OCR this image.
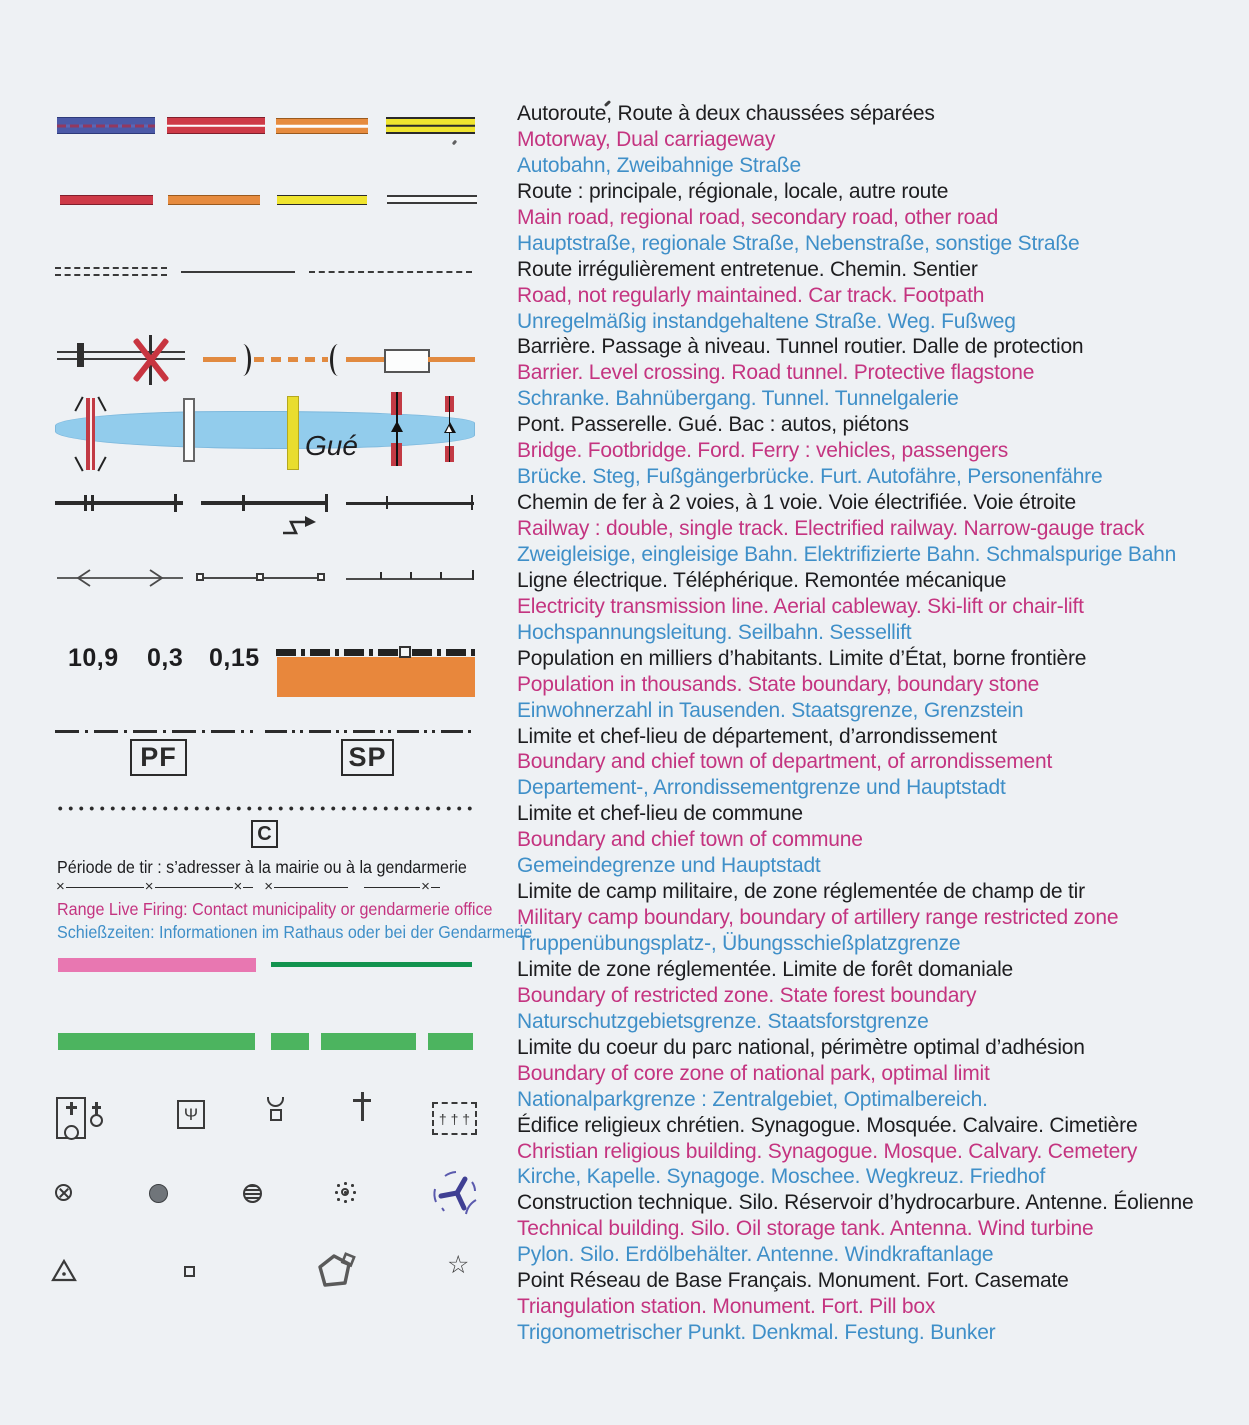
Gué
10,9 0,3 0,15
PF	SP
C
Période de tir : s’adresser à la mairie ou à la gendarmerie
×	×	× ×	×
Range Live Firing: Contact municipality or gendarmerie office
Schießzeiten: Informationen im Rathaus oder bei der Gendarmerie
Ψ	† † †
☆
Autoroute, Route à deux chaussées séparées
Motorway, Dual carriageway
Autobahn, Zweibahnige Straße
Route : principale, régionale, locale, autre route
Main road, regional road, secondary road, other road
Hauptstraße, regionale Straße, Nebenstraße, sonstige Straße
Route irrégulièrement entretenue. Chemin. Sentier
Road, not regularly maintained. Car track. Footpath
Unregelmäßig instandgehaltene Straße. Weg. Fußweg
Barrière. Passage à niveau. Tunnel routier. Dalle de protection
Barrier. Level crossing. Road tunnel. Protective flagstone
Schranke. Bahnübergang. Tunnel. Tunnelgalerie
Pont. Passerelle. Gué. Bac : autos, piétons
Bridge. Footbridge. Ford. Ferry : vehicles, passengers
Brücke. Steg, Fußgängerbrücke. Furt. Autofähre, Personenfähre
Chemin de fer à 2 voies, à 1 voie. Voie électrifiée. Voie étroite
Railway : double, single track. Electrified railway. Narrow-gauge track
Zweigleisige, eingleisige Bahn. Elektrifizierte Bahn. Schmalspurige Bahn
Ligne électrique. Téléphérique. Remontée mécanique
Electricity transmission line. Aerial cableway. Ski-lift or chair-lift
Hochspannungsleitung. Seilbahn. Sessellift
Population en milliers d’habitants. Limite d’État, borne frontière
Population in thousands. State boundary, boundary stone
Einwohnerzahl in Tausenden. Staatsgrenze, Grenzstein
Limite et chef-lieu de département, d’arrondissement
Boundary and chief town of department, of arrondissement
Departement-, Arrondissementgrenze und Hauptstadt
Limite et chef-lieu de commune
Boundary and chief town of commune
Gemeindegrenze und Hauptstadt
Limite de camp militaire, de zone réglementée de champ de tir
Military camp boundary, boundary of artillery range restricted zone
Truppenübungsplatz-, Übungsschießplatzgrenze
Limite de zone réglementée. Limite de forêt domaniale
Boundary of restricted zone. State forest boundary
Naturschutzgebietsgrenze. Staatsforstgrenze
Limite du coeur du parc national, périmètre optimal d’adhésion
Boundary of core zone of national park, optimal limit
Nationalparkgrenze : Zentralgebiet, Optimalbereich.
Édifice religieux chrétien. Synagogue. Mosquée. Calvaire. Cimetière
Christian religious building. Synagogue. Mosque. Calvary. Cemetery
Kirche, Kapelle. Synagoge. Moschee. Wegkreuz. Friedhof
Construction technique. Silo. Réservoir d’hydrocarbure. Antenne. Éolienne
Technical building. Silo. Oil storage tank. Antenna. Wind turbine
Pylon. Silo. Erdölbehälter. Antenne. Windkraftanlage
Point Réseau de Base Français. Monument. Fort. Casemate
Triangulation station. Monument. Fort. Pill box
Trigonometrischer Punkt. Denkmal. Festung. Bunker
